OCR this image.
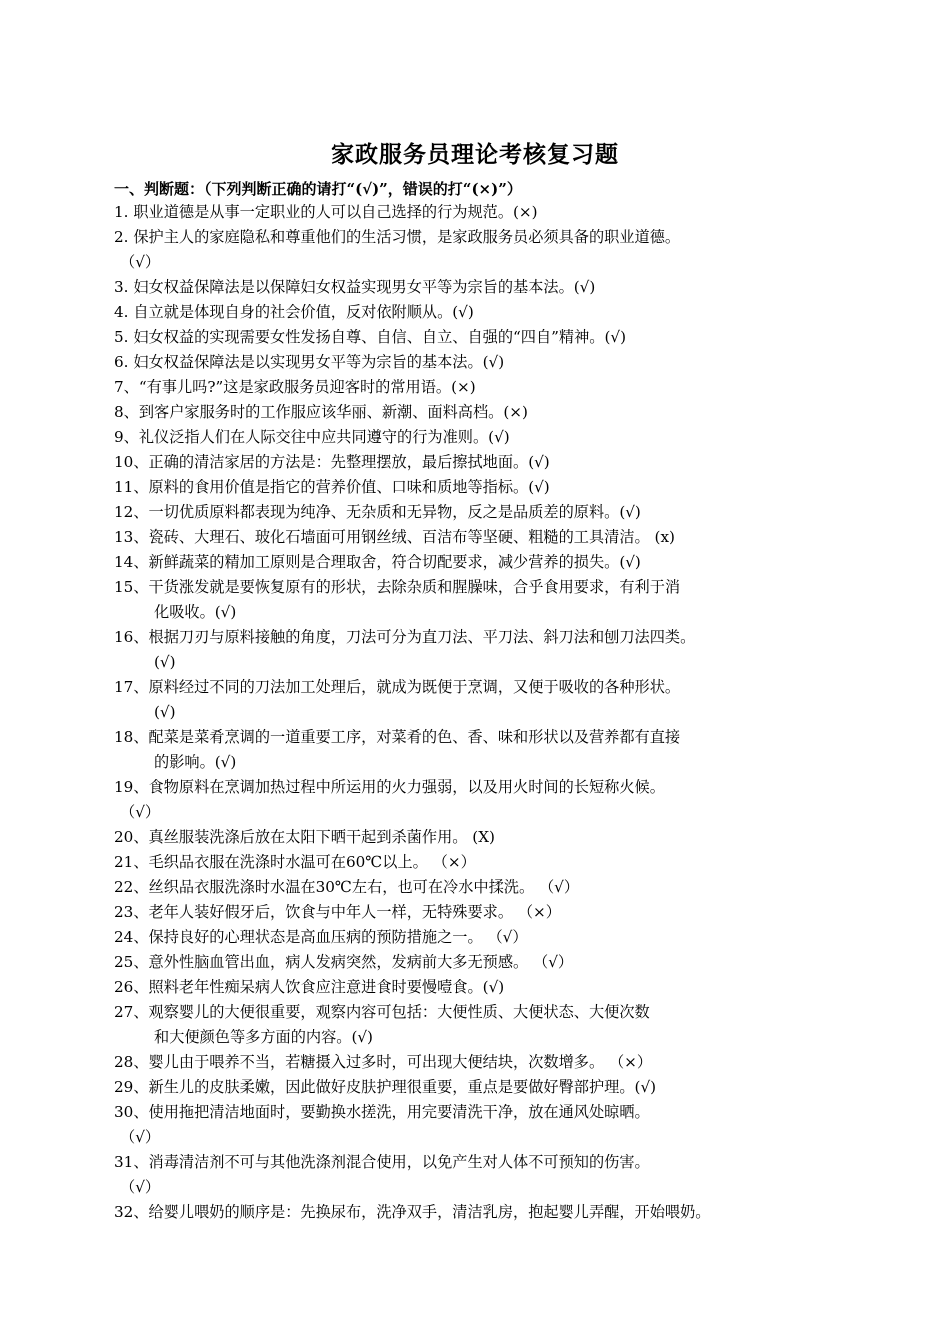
家政服务员理论考核复习题
一、判断题：（下列判断正确的请打“(√)”，错误的打“(×)”）
1. 职业道德是从事一定职业的人可以自己选择的行为规范。(×)
2. 保护主人的家庭隐私和尊重他们的生活习惯，是家政服务员必须具备的职业道德。
（√）
3. 妇女权益保障法是以保障妇女权益实现男女平等为宗旨的基本法。(√)
4. 自立就是体现自身的社会价值，反对依附顺从。(√)
5. 妇女权益的实现需要女性发扬自尊、自信、自立、自强的“四自”精神。(√)
6. 妇女权益保障法是以实现男女平等为宗旨的基本法。(√)
7、“有事儿吗?”这是家政服务员迎客时的常用语。(×)
8、到客户家服务时的工作服应该华丽、新潮、面料高档。(×)
9、礼仪泛指人们在人际交往中应共同遵守的行为准则。(√)
10、正确的清洁家居的方法是：先整理摆放，最后擦拭地面。(√)
11、原料的食用价值是指它的营养价值、口味和质地等指标。(√)
12、一切优质原料都表现为纯净、无杂质和无异物，反之是品质差的原料。(√)
13、瓷砖、大理石、玻化石墙面可用钢丝绒、百洁布等坚硬、粗糙的工具清洁。 (x)
14、新鲜蔬菜的精加工原则是合理取舍，符合切配要求，减少营养的损失。(√)
15、干货涨发就是要恢复原有的形状，去除杂质和腥臊味，合乎食用要求，有利于消
化吸收。(√)
16、根据刀刃与原料接触的角度，刀法可分为直刀法、平刀法、斜刀法和刨刀法四类。
(√)
17、原料经过不同的刀法加工处理后，就成为既便于烹调，又便于吸收的各种形状。
(√)
18、配菜是菜肴烹调的一道重要工序，对菜肴的色、香、味和形状以及营养都有直接
的影响。(√)
19、食物原料在烹调加热过程中所运用的火力强弱，以及用火时间的长短称火候。
（√）
20、真丝服装洗涤后放在太阳下晒干起到杀菌作用。 (X)
21、毛织品衣服在洗涤时水温可在60℃以上。 （×）
22、丝织品衣服洗涤时水温在30℃左右，也可在冷水中揉洗。 （√）
23、老年人装好假牙后，饮食与中年人一样，无特殊要求。 （×）
24、保持良好的心理状态是高血压病的预防措施之一。 （√）
25、意外性脑血管出血，病人发病突然，发病前大多无预感。 （√）
26、照料老年性痴呆病人饮食应注意进食时要慢噎食。(√)
27、观察婴儿的大便很重要，观察内容可包括：大便性质、大便状态、大便次数
和大便颜色等多方面的内容。(√)
28、婴儿由于喂养不当，若糖摄入过多时，可出现大便结块，次数增多。 （×）
29、新生儿的皮肤柔嫩，因此做好皮肤护理很重要，重点是要做好臀部护理。(√)
30、使用拖把清洁地面时，要勤换水搓洗，用完要清洗干净，放在通风处晾晒。
（√）
31、消毒清洁剂不可与其他洗涤剂混合使用，以免产生对人体不可预知的伤害。
（√）
32、给婴儿喂奶的顺序是：先换尿布，洗净双手，清洁乳房，抱起婴儿弄醒，开始喂奶。
